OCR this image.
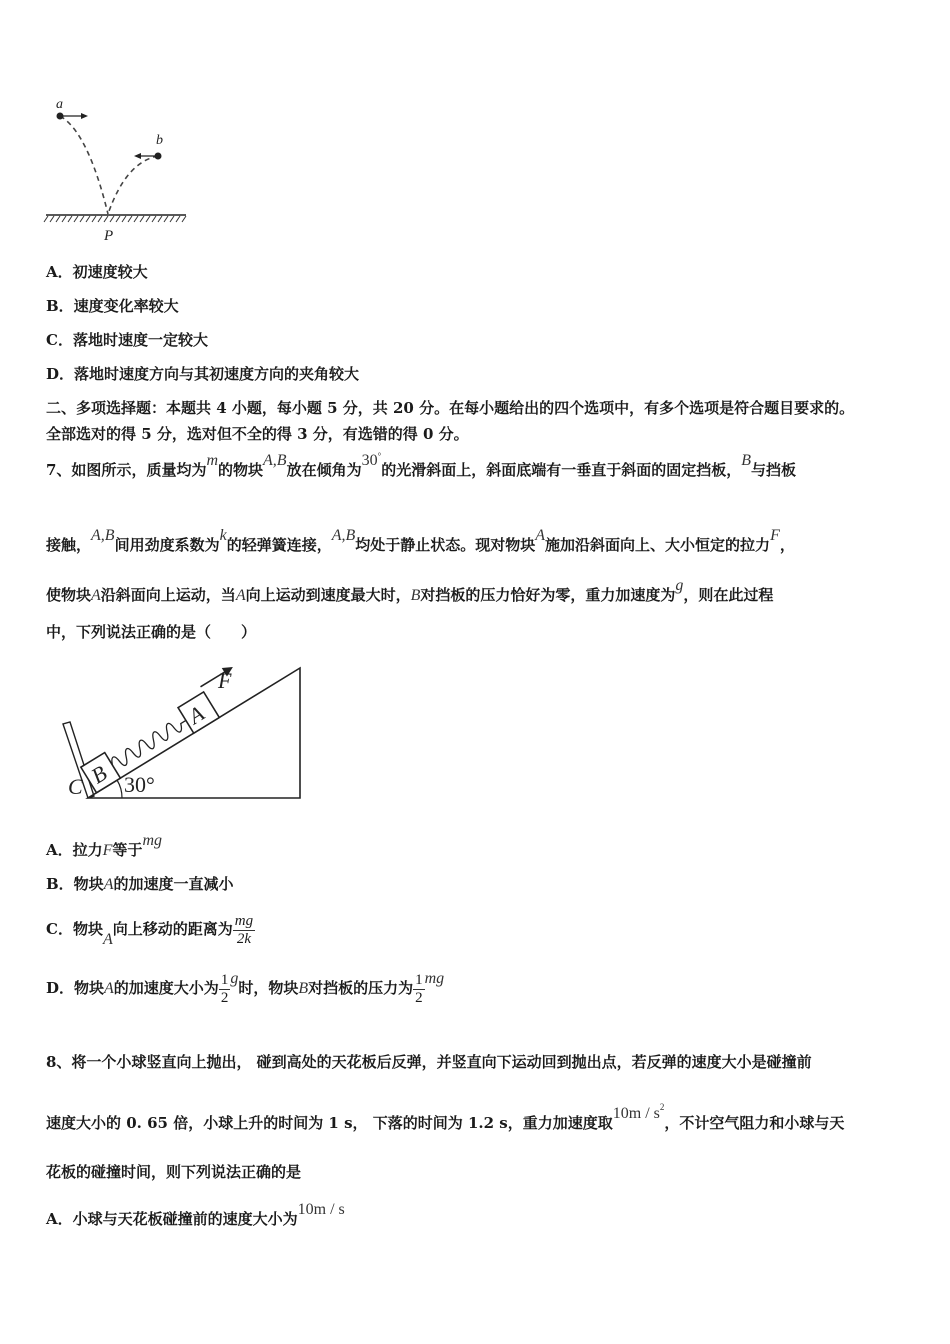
a
b
P
A．初速度较大
B．速度变化率较大
C．落地时速度一定较大
D．落地时速度方向与其初速度方向的夹角较大
二、多项选择题：本题共 4 小题，每小题 5 分，共 20 分。在每小题给出的四个选项中，有多个选项是符合题目要求的。
全部选对的得 5 分，选对但不全的得 3 分，有选错的得 0 分。
7、如图所示，质量均为m的物块A,B放在倾角为30°的光滑斜面上，斜面底端有一垂直于斜面的固定挡板，B与挡板
接触，A,B间用劲度系数为k的轻弹簧连接，A,B均处于静止状态。现对物块A施加沿斜面向上、大小恒定的拉力F，
使物块A沿斜面向上运动，当A向上运动到速度最大时，B对挡板的压力恰好为零，重力加速度为g，则在此过程
中，下列说法正确的是（　　）
B
A
F
30°
C
A．拉力F等于mg
B．物块A的加速度一直减小
C．物块A向上移动的距离为 $\frac{mg}{2k}$
D．物块A的加速度大小为 $\frac{1}{2}$ g时，物块B对挡板的压力为 $\frac{1}{2}$ mg
8、将一个小球竖直向上抛出， 碰到高处的天花板后反弹，并竖直向下运动回到抛出点，若反弹的速度大小是碰撞前
速度大小的 0. 65 倍，小球上升的时间为 1 s， 下落的时间为 1.2 s，重力加速度取$10m / s^2$，不计空气阻力和小球与天
花板的碰撞时间，则下列说法正确的是
A．小球与天花板碰撞前的速度大小为10m / s
